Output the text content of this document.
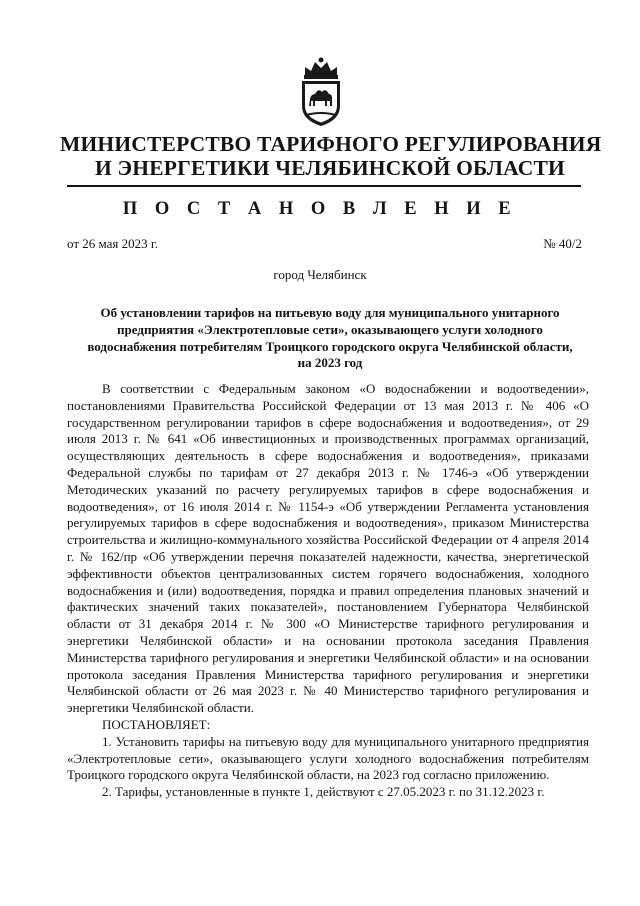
МИНИСТЕРСТВО ТАРИФНОГО РЕГУЛИРОВАНИЯ
И ЭНЕРГЕТИКИ ЧЕЛЯБИНСКОЙ ОБЛАСТИ
П О С Т А Н О В Л Е Н И Е
от 26 мая 2023 г.	№ 40/2
город Челябинск
Об установлении тарифов на питьевую воду для муниципального унитарного
предприятия «Электротепловые сети», оказывающего услуги холодного
водоснабжения потребителям Троицкого городского округа Челябинской области,
на 2023 год

В соответствии с Федеральным законом «О водоснабжении и водоотведении», постановлениями Правительства Российской Федерации от 13 мая 2013 г. № 406 «О государственном регулировании тарифов в сфере водоснабжения и водоотведения», от 29 июля 2013 г. № 641 «Об инвестиционных и производственных программах организаций, осуществляющих деятельность в сфере водоснабжения и водоотведения», приказами Федеральной службы по тарифам от 27 декабря 2013 г. № 1746-э «Об утверждении Методических указаний по расчету регулируемых тарифов в сфере водоснабжения и водоотведения», от 16 июля 2014 г. № 1154-э «Об утверждении Регламента установления регулируемых тарифов в сфере водоснабжения и водоотведения», приказом Министерства строительства и жилищно-коммунального хозяйства Российской Федерации от 4 апреля 2014 г. № 162/пр «Об утверждении перечня показателей надежности, качества, энергетической эффективности объектов централизованных систем горячего водоснабжения, холодного водоснабжения и (или) водоотведения, порядка и правил определения плановых значений и фактических значений таких показателей», постановлением Губернатора Челябинской области от 31 декабря 2014 г. № 300 «О Министерстве тарифного регулирования и энергетики Челябинской области» и на основании протокола заседания Правления Министерства тарифного регулирования и энергетики Челябинской области» и на основании протокола заседания Правления Министерства тарифного регулирования и энергетики Челябинской области от 26 мая 2023 г. № 40 Министерство тарифного регулирования и энергетики Челябинской области.

ПОСТАНОВЛЯЕТ:

1. Установить тарифы на питьевую воду для муниципального унитарного предприятия «Электротепловые сети», оказывающего услуги холодного водоснабжения потребителям Троицкого городского округа Челябинской области, на 2023 год согласно приложению.

2. Тарифы, установленные в пункте 1, действуют с 27.05.2023 г. по 31.12.2023 г.
